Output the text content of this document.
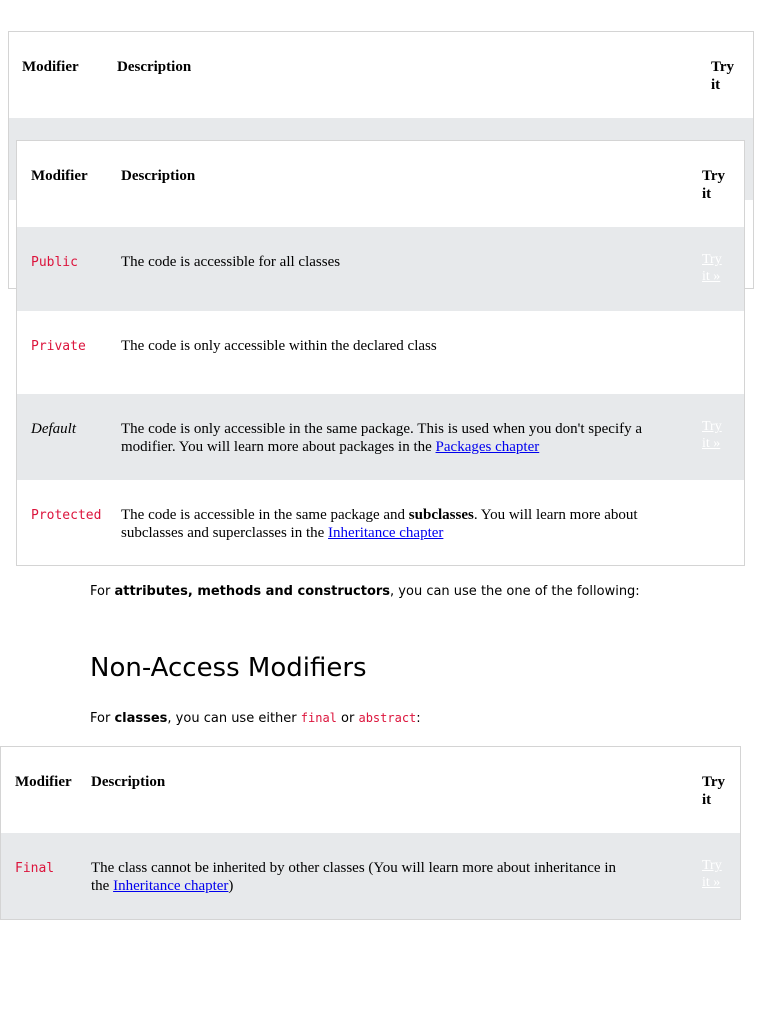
Modifier	Description	Try it

Modifier	Description	Try it
Public	The code is accessible for all classes	Try it »
Private	The code is only accessible within the declared class	
Default	The code is only accessible in the same package. This is used when you don't specify a modifier. You will learn more about packages in the Packages chapter	Try it »
Protected	The code is accessible in the same package and subclasses. You will learn more about subclasses and superclasses in the Inheritance chapter	

For attributes, methods and constructors, you can use the one of the following:

Non-Access Modifiers

For classes, you can use either final or abstract:

Modifier	Description	Try it
Final	The class cannot be inherited by other classes (You will learn more about inheritance in the Inheritance chapter)	Try it »
